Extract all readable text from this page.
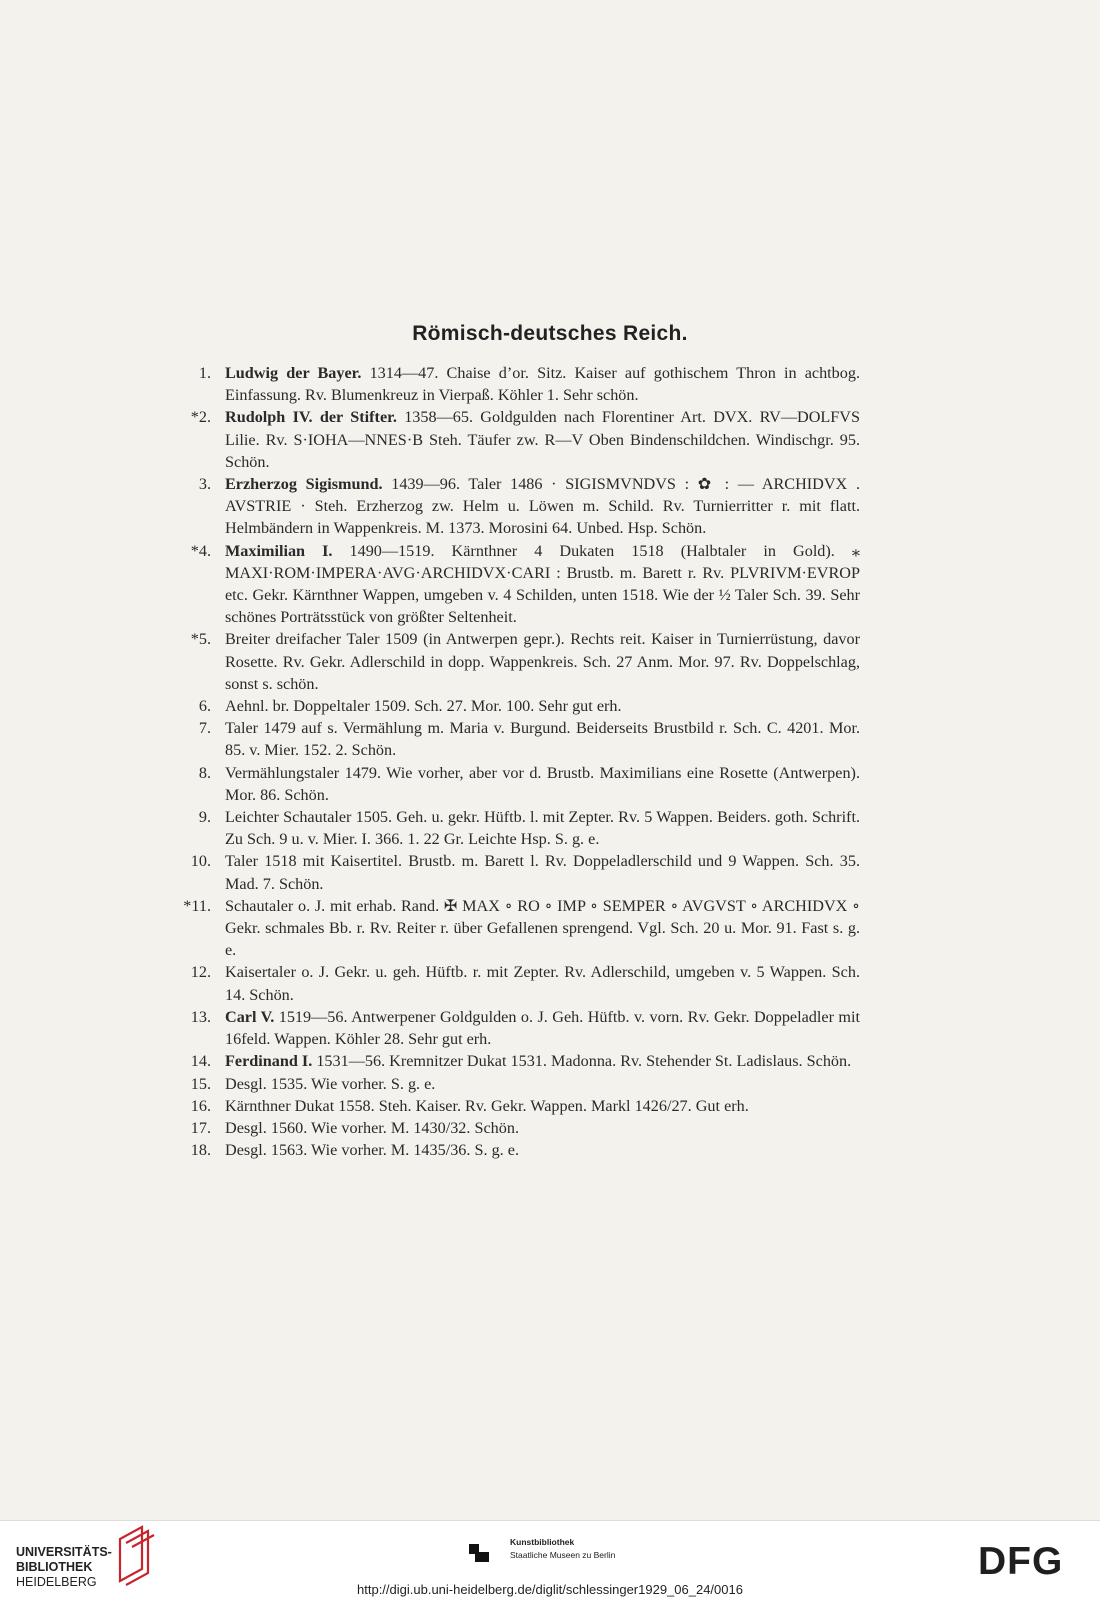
Römisch-deutsches Reich.
1. Ludwig der Bayer. 1314—47. Chaise d’or. Sitz. Kaiser auf gothischem Thron in achtbog. Einfassung. Rv. Blumenkreuz in Vierpaß. Köhler 1. Sehr schön.
*2. Rudolph IV. der Stifter. 1358—65. Goldgulden nach Florentiner Art. DVX. RV—DOLFVS Lilie. Rv. S·IOHA—NNES·B Steh. Täufer zw. R—V Oben Bindenschildchen. Windischgr. 95. Schön.
3. Erzherzog Sigismund. 1439—96. Taler 1486 · SIGISMVNDVS : ✿ : — ARCHIDVX . AVSTRIE · Steh. Erzherzog zw. Helm u. Löwen m. Schild. Rv. Turnierritter r. mit flatt. Helmbändern in Wappenkreis. M. 1373. Morosini 64. Unbed. Hsp. Schön.
*4. Maximilian I. 1490—1519. Kärnthner 4 Dukaten 1518 (Halbtaler in Gold). ⁎ MAXI·ROM·IMPERA·AVG·ARCHIDVX·CARI : Brustb. m. Barett r. Rv. PLVRIVM·EVROP etc. Gekr. Kärnthner Wappen, umgeben v. 4 Schilden, unten 1518. Wie der ½ Taler Sch. 39. Sehr schönes Porträtsstück von größter Seltenheit.
*5. Breiter dreifacher Taler 1509 (in Antwerpen gepr.). Rechts reit. Kaiser in Turnierrüstung, davor Rosette. Rv. Gekr. Adlerschild in dopp. Wappenkreis. Sch. 27 Anm. Mor. 97. Rv. Doppelschlag, sonst s. schön.
6. Aehnl. br. Doppeltaler 1509. Sch. 27. Mor. 100. Sehr gut erh.
7. Taler 1479 auf s. Vermählung m. Maria v. Burgund. Beiderseits Brustbild r. Sch. C. 4201. Mor. 85. v. Mier. 152. 2. Schön.
8. Vermählungstaler 1479. Wie vorher, aber vor d. Brustb. Maximilians eine Rosette (Antwerpen). Mor. 86. Schön.
9. Leichter Schautaler 1505. Geh. u. gekr. Hüftb. l. mit Zepter. Rv. 5 Wappen. Beiders. goth. Schrift. Zu Sch. 9 u. v. Mier. I. 366. 1. 22 Gr. Leichte Hsp. S. g. e.
10. Taler 1518 mit Kaisertitel. Brustb. m. Barett l. Rv. Doppeladlerschild und 9 Wappen. Sch. 35. Mad. 7. Schön.
*11. Schautaler o. J. mit erhab. Rand. ✠ MAX ∘ RO ∘ IMP ∘ SEMPER ∘ AVGVST ∘ ARCHIDVX ∘ Gekr. schmales Bb. r. Rv. Reiter r. über Gefallenen sprengend. Vgl. Sch. 20 u. Mor. 91. Fast s. g. e.
12. Kaisertaler o. J. Gekr. u. geh. Hüftb. r. mit Zepter. Rv. Adlerschild, umgeben v. 5 Wappen. Sch. 14. Schön.
13. Carl V. 1519—56. Antwerpener Goldgulden o. J. Geh. Hüftb. v. vorn. Rv. Gekr. Doppeladler mit 16feld. Wappen. Köhler 28. Sehr gut erh.
14. Ferdinand I. 1531—56. Kremnitzer Dukat 1531. Madonna. Rv. Stehender St. Ladislaus. Schön.
15. Desgl. 1535. Wie vorher. S. g. e.
16. Kärnthner Dukat 1558. Steh. Kaiser. Rv. Gekr. Wappen. Markl 1426/27. Gut erh.
17. Desgl. 1560. Wie vorher. M. 1430/32. Schön.
18. Desgl. 1563. Wie vorher. M. 1435/36. S. g. e.
UNIVERSITÄTS-
BIBLIOTHEK
HEIDELBERG
Kunstbibliothek
Staatliche Museen zu Berlin	DFG
http://digi.ub.uni-heidelberg.de/diglit/schlessinger1929_06_24/0016
